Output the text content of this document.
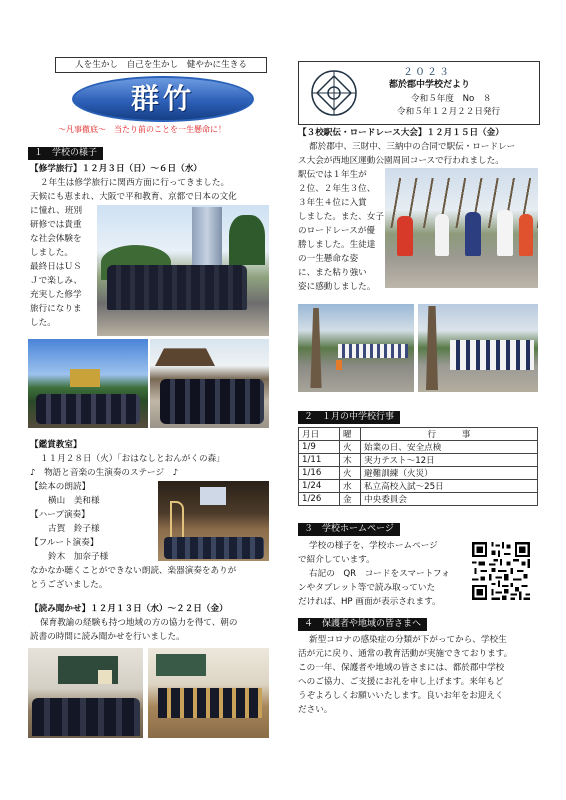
人を生かし　自己を生かし　健やかに生きる
群竹
～凡事徹底～　当たり前のことを一生懸命に！
２０２３
都於郡中学校だより
令和５年度　No　８
令和５年１２月２２日発行
１　学校の様子
【修学旅行】１２月３日（日）～６日（水）
２年生は修学旅行に関西方面に行ってきました。
天候にも恵まれ、大阪で平和教育、京都で日本の文化
に憧れ、班別
研修では貴重
な社会体験を
しました。
最終日はＵＳ
Ｊで楽しみ、
充実した修学
旅行になりま
した。
【鑑賞教室】
１１月２８日（火）「おはなしとおんがくの森」
♪　物語と音楽の生演奏のステージ　♪
【絵本の朗読】
横山　美和様
【ハープ演奏】
古賀　鈴子様
【フルート演奏】
鈴木　加奈子様
なかなか聴くことができない朗読、楽器演奏をありが
とうございました。
【読み聞かせ】１２月１３日（水）～２２日（金）
保育教諭の経験も持つ地域の方の協力を得て、朝の
読書の時間に読み聞かせを行いました。
【３校駅伝・ロードレース大会】１２月１５日（金）
都於郡中、三財中、三納中の合同で駅伝・ロードレー
ス大会が西地区運動公園周回コースで行われました。
駅伝では１年生が
２位、２年生３位、
３年生４位に入賞
しました。また、女子
のロードレースが優
勝しました。生徒達
の一生懸命な姿
に、また粘り強い
姿に感動しました。
２　１月の中学校行事
月日	曜	行　　　事
1/9	火	始業の日、安全点検
1/11	木	実力テスト～12日
1/16	火	避難訓練（火災）
1/24	水	私立高校入試～25日
1/26	金	中央委員会
３　学校ホームページ
学校の様子を、学校ホームページ
で紹介しています。
右記の　QR　コードをスマートフォ
ンやタブレット等で読み取っていた
だければ、HP 画面が表示されます。
４　保護者や地域の皆さまへ
新型コロナの感染症の分類が下がってから、学校生
活が元に戻り、通常の教育活動が実施できております。
この一年、保護者や地域の皆さまには、都於郡中学校
へのご協力、ご支援にお礼を申し上げます。来年もど
うぞよろしくお願いいたします。良いお年をお迎えく
ださい。
